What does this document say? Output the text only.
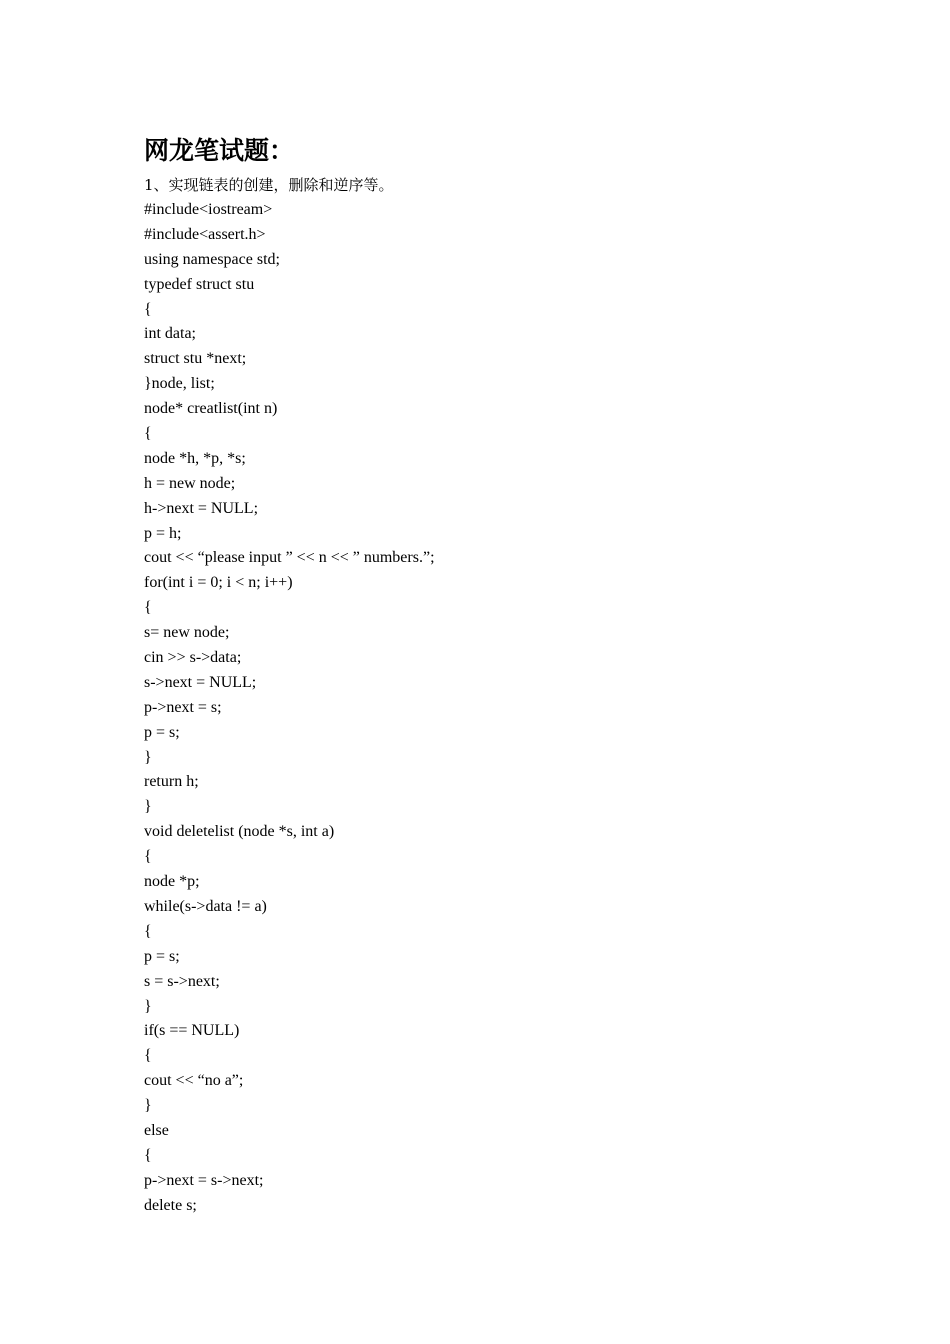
网龙笔试题：
1、实现链表的创建，删除和逆序等。
#include<iostream>
#include<assert.h>
using namespace std;
typedef struct stu
{
int data;
struct stu *next;
}node, list;
node* creatlist(int n)
{
node *h, *p, *s;
h = new node;
h->next = NULL;
p = h;
cout << “please input ” << n << ” numbers.”;
for(int i = 0; i < n; i++)
{
s= new node;
cin >> s->data;
s->next = NULL;
p->next = s;
p = s;
}
return h;
}
void deletelist (node *s, int a)
{
node *p;
while(s->data != a)
{
p = s;
s = s->next;
}
if(s == NULL)
{
cout << “no a”;
}
else
{
p->next = s->next;
delete s;
